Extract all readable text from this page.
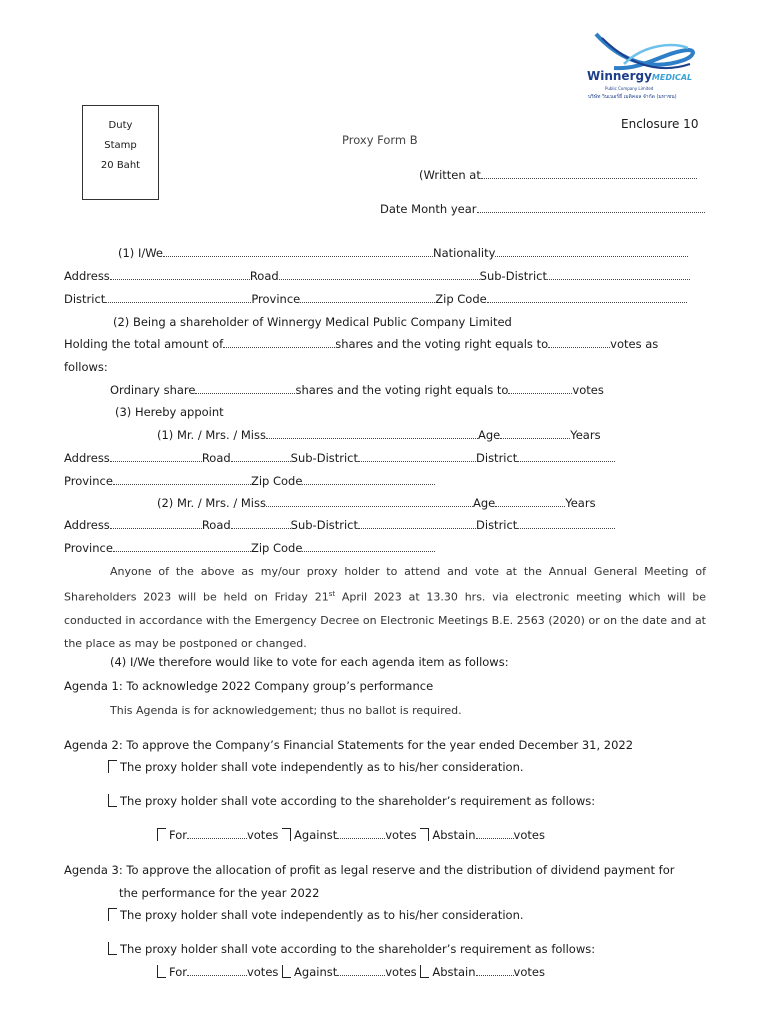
WinnergyMEDICAL
Public Company Limited
บริษัท วินเนอร์ยี่ เมดิคอล จำกัด (มหาชน)
Duty
Stamp
20 Baht
Enclosure 10
Proxy Form B
(Written at
Date Month year
(1) I/We	Nationality
Address	Road	Sub-District
District	Province	Zip Code
(2) Being a shareholder of Winnergy Medical Public Company Limited
Holding the total amount of	shares and the voting right equals to	votes as
follows:
Ordinary share	shares and the voting right equals to	votes
(3) Hereby appoint
(1) Mr. / Mrs. / Miss	Age	Years
Address	Road	Sub-District	District
Province	Zip Code
(2) Mr. / Mrs. / Miss	Age	Years
Address	Road	Sub-District	District
Province	Zip Code
Anyone of the above as my/our proxy holder to attend and vote at the Annual General Meeting of Shareholders 2023 will be held on Friday 21st April 2023 at 13.30 hrs. via electronic meeting which will be conducted in accordance with the Emergency Decree on Electronic Meetings B.E. 2563 (2020) or on the date and at the place as may be postponed or changed.
(4) I/We therefore would like to vote for each agenda item as follows:
Agenda 1: To acknowledge 2022 Company group’s performance
This Agenda is for acknowledgement; thus no ballot is required.
Agenda 2: To approve the Company’s Financial Statements for the year ended December 31, 2022
The proxy holder shall vote independently as to his/her consideration.
The proxy holder shall vote according to the shareholder’s requirement as follows:
For	votes Against	votes Abstain	votes
Agenda 3: To approve the allocation of profit as legal reserve and the distribution of dividend payment for
the performance for the year 2022
The proxy holder shall vote independently as to his/her consideration.
The proxy holder shall vote according to the shareholder’s requirement as follows:
For	votes Against	votes Abstain	votes
